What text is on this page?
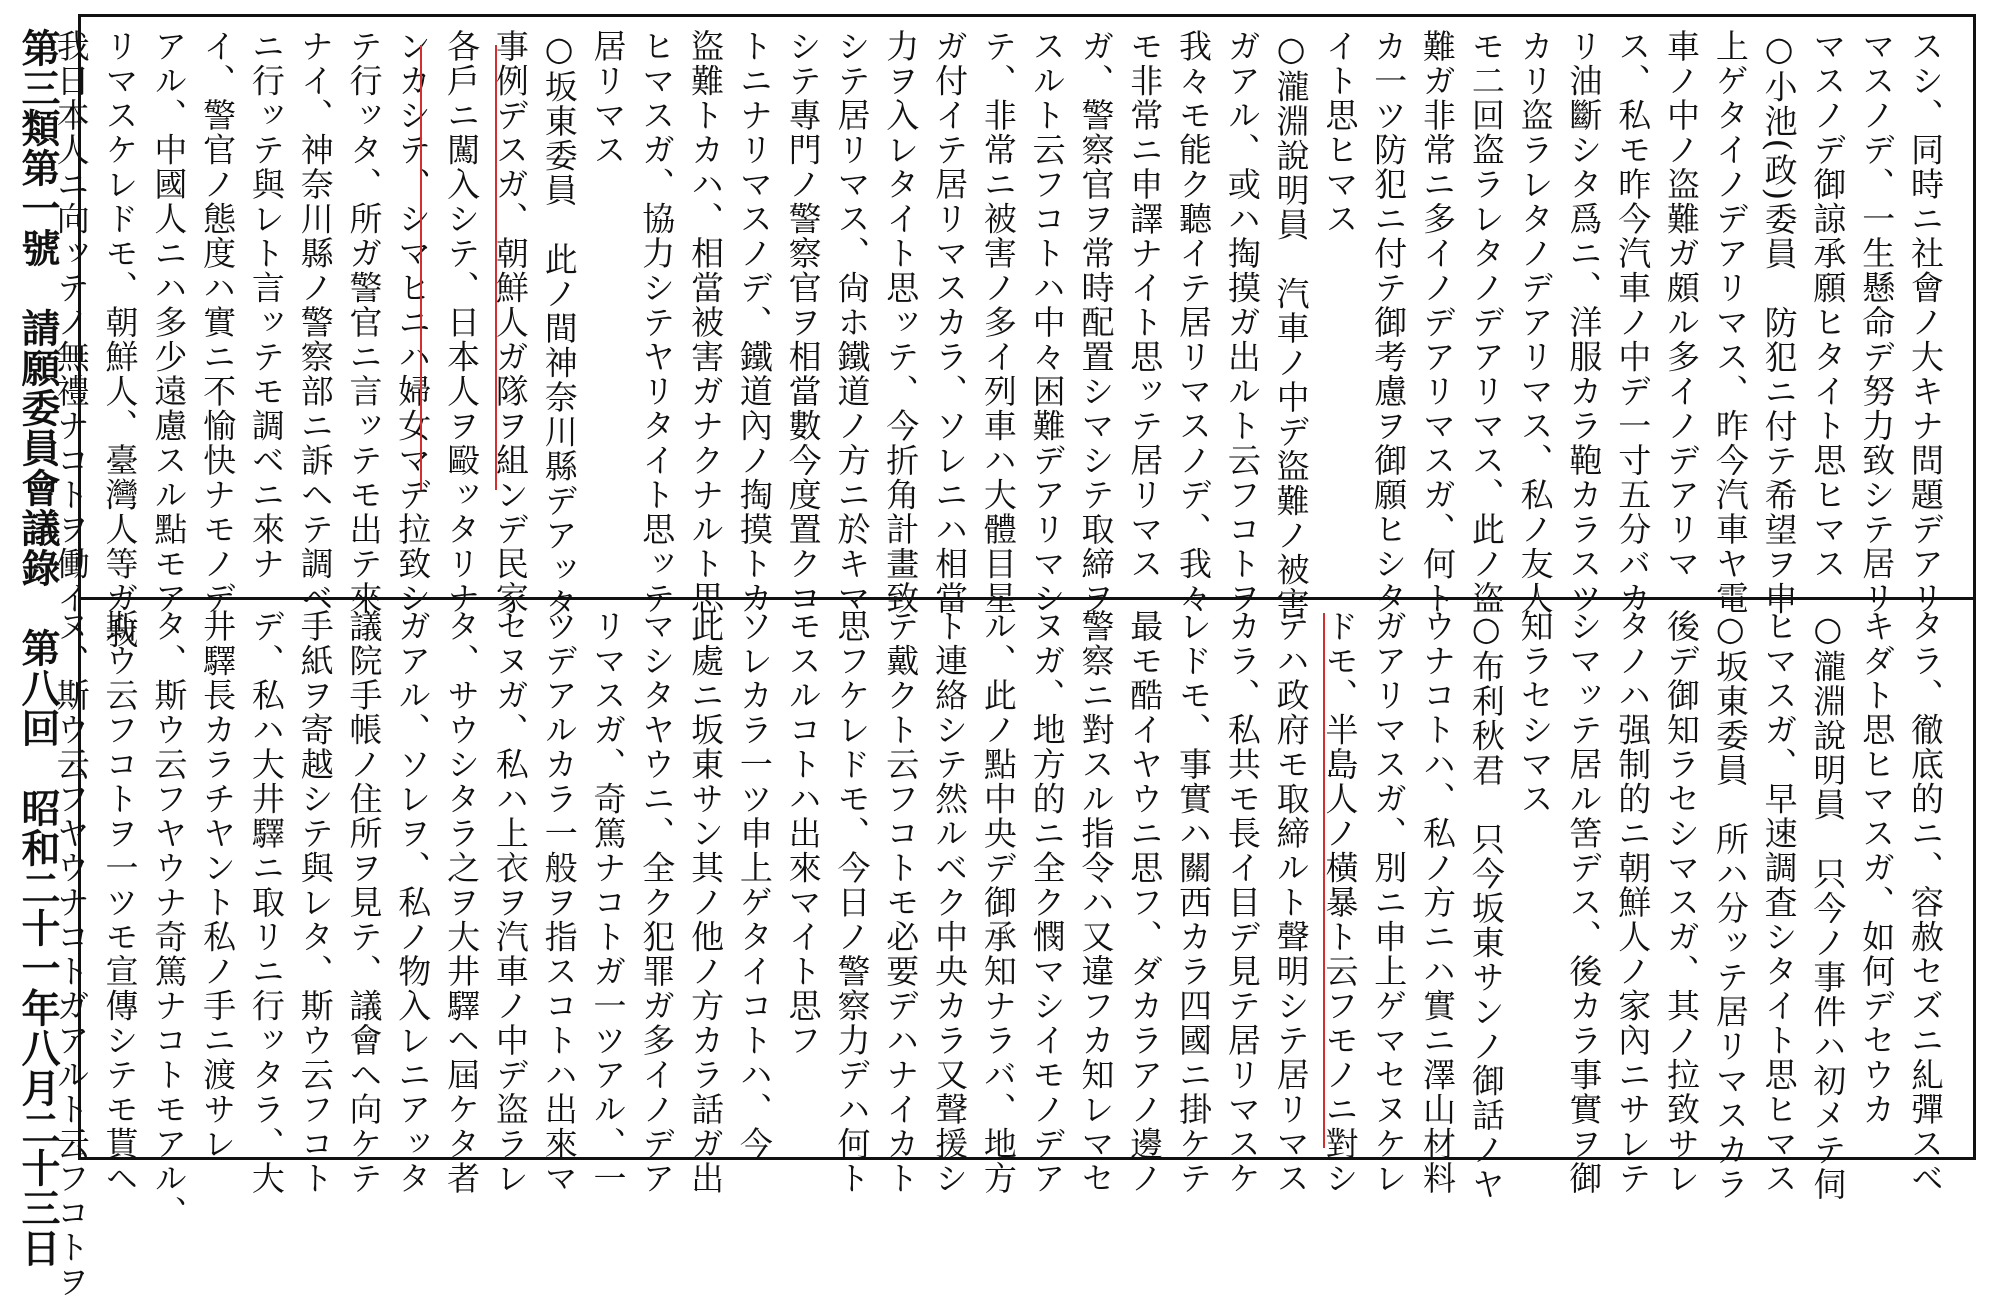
第三類第一號　請願委員會議錄　第八回　昭和二十一年八月二十三日	スシ、同時ニ社會ノ大キナ問題デアリ
マスノデ、一生懸命デ努力致シテ居リ
マスノデ御諒承願ヒタイト思ヒマス
○小池(政)委員　防犯ニ付テ希望ヲ申
上ゲタイノデアリマス、昨今汽車ヤ電
車ノ中ノ盗難ガ頗ル多イノデアリマ
ス、私モ昨今汽車ノ中デ一寸五分バカ
リ油斷シタ爲ニ、洋服カラ鞄カラスツ
カリ盗ラレタノデアリマス、私ノ友人
モ二回盗ラレタノデアリマス、此ノ盗
難ガ非常ニ多イノデアリマスガ、何ト
カ一ツ防犯ニ付テ御考慮ヲ御願ヒシタ
イト思ヒマス
○瀧淵說明員　汽車ノ中デ盜難ノ被害
ガアル、或ハ掏摸ガ出ルト云フコトヲ
我々モ能ク聽イテ居リマスノデ、我々
モ非常ニ申譯ナイト思ッテ居リマス
ガ、警察官ヲ常時配置シマシテ取締ヲ
スルト云フコトハ中々困難デアリマシ
テ、非常ニ被害ノ多イ列車ハ大體目星
ガ付イテ居リマスカラ、ソレニハ相當
力ヲ入レタイト思ッテ、今折角計畫致
シテ居リマス、尙ホ鐵道ノ方ニ於キマ
シテ專門ノ警察官ヲ相當數今度置クコ
トニナリマスノデ、鐵道內ノ掏摸トカ
盜難トカハ、相當被害ガナクナルト思
ヒマスガ、協力シテヤリタイト思ッテ
居リマス
○坂東委員　此ノ間神奈川縣デアッタ
事例デスガ、朝鮮人ガ隊ヲ組ンデ民家
各戶ニ闖入シテ、日本人ヲ毆ッタリナ
ンカシテ、シマヒニハ婦女マデ拉致シ
テ行ッタ、所ガ警官ニ言ッテモ出テ來
ナイ、神奈川縣ノ警察部ニ訴ヘテ調ベ
ニ行ッテ與レト言ッテモ調ベニ來ナ
イ、警官ノ態度ハ實ニ不愉快ナモノデ
アル、中國人ニハ多少遠慮スル點モア
リマスケレドモ、朝鮮人、臺灣人等ガ我
我日本人ニ向ッテノ無禮ナコトヲ働イ
タラ、徹底的ニ、容赦セズニ糺彈スベ
キダト思ヒマスガ、如何デセウカ
○瀧淵說明員　只今ノ事件ハ初メテ伺
ヒマスガ、早速調査シタイト思ヒマス
○坂東委員　所ハ分ッテ居リマスカラ
後デ御知ラセシマスガ、其ノ拉致サレ
タノハ强制的ニ朝鮮人ノ家內ニサレテ
シマッテ居ル筈デス、後カラ事實ヲ御
知ラセシマス
○布利秋君　只今坂東サンノ御話ノヤ
ウナコトハ、私ノ方ニハ實ニ澤山材料
ガアリマスガ、別ニ申上ゲマセヌケレ
ドモ、半島人ノ橫暴ト云フモノニ對シ
テハ政府モ取締ルト聲明シテ居リマス
カラ、私共モ長イ目デ見テ居リマスケ
レドモ、事實ハ關西カラ四國ニ掛ケテ
最モ酷イヤウニ思フ、ダカラアノ邊ノ
警察ニ對スル指令ハ又違フカ知レマセ
ヌガ、地方的ニ全ク憫マシイモノデア
ル、此ノ點中央デ御承知ナラバ、地方
ト連絡シテ然ルベク中央カラ又聲援シ
テ戴クト云フコトモ必要デハナイカト
思フケレドモ、今日ノ警察力デハ何ト
モスルコトハ出來マイト思フ
ソレカラ一ツ申上ゲタイコトハ、今
此處ニ坂東サン其ノ他ノ方カラ話ガ出
マシタヤウニ、全ク犯罪ガ多イノデア
リマスガ、奇篤ナコトガ一ツアル、一
ツデアルカラ一般ヲ指スコトハ出來マ
セヌガ、私ハ上衣ヲ汽車ノ中デ盗ラレ
タ、サウシタラ之ヲ大井驛ヘ屆ケタ者
ガアル、ソレヲ、私ノ物入レニアッタ
議院手帳ノ住所ヲ見テ、議會ヘ向ケテ
手紙ヲ寄越シテ與レタ、斯ウ云フコト
デ、私ハ大井驛ニ取リニ行ッタラ、大
井驛長カラチヤント私ノ手ニ渡サレ
タ、斯ウ云フヤウナ奇篤ナコトモアル、
斯ウ云フコトヲ一ツモ宣傳シテモ貰ヘ
ヌ、斯ウ云フヤウナコトガアルト云フコトヲ
